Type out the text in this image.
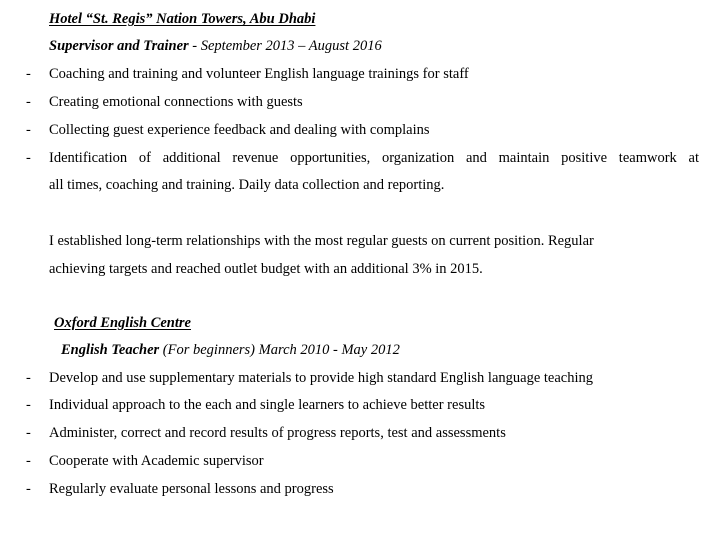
Hotel “St. Regis” Nation Towers, Abu Dhabi
Supervisor and Trainer - September 2013 – August 2016
- Coaching and training and volunteer English language trainings for staff
- Creating emotional connections with guests
- Collecting guest experience feedback and dealing with complains
- Identification of additional revenue opportunities, organization and maintain positive teamwork at
all times, coaching and training. Daily data collection and reporting.
I established long-term relationships with the most regular guests on current position. Regular
achieving targets and reached outlet budget with an additional 3% in 2015.
Oxford English Centre
English Teacher (For beginners) March 2010 - May 2012
- Develop and use supplementary materials to provide high standard English language teaching
- Individual approach to the each and single learners to achieve better results
- Administer, correct and record results of progress reports, test and assessments
- Cooperate with Academic supervisor
- Regularly evaluate personal lessons and progress
